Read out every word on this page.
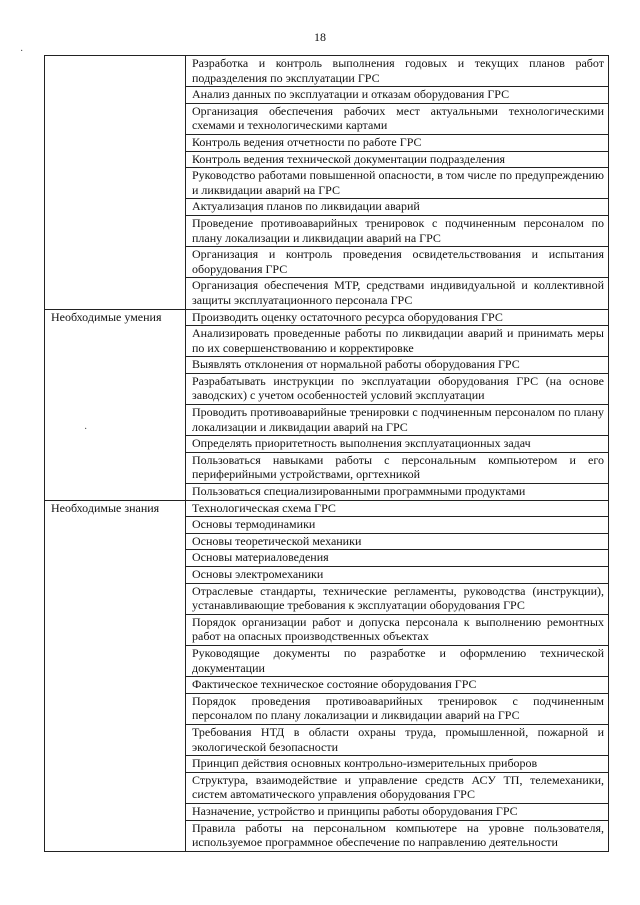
18
·
·
	Разработка и контроль выполнения годовых и текущих планов работ подразделения по эксплуатации ГРС
	Анализ данных по эксплуатации и отказам оборудования ГРС
	Организация обеспечения рабочих мест актуальными технологическими схемами и технологическими картами
	Контроль ведения отчетности по работе ГРС
	Контроль ведения технической документации подразделения
	Руководство работами повышенной опасности, в том числе по предупреждению и ликвидации аварий на ГРС
	Актуализация планов по ликвидации аварий
	Проведение противоаварийных тренировок с подчиненным персоналом по плану локализации и ликвидации аварий на ГРС
	Организация и контроль проведения освидетельствования и испытания оборудования ГРС
	Организация обеспечения МТР, средствами индивидуальной и коллективной защиты эксплуатационного персонала ГРС
Необходимые умения	Производить оценку остаточного ресурса оборудования ГРС
	Анализировать проведенные работы по ликвидации аварий и принимать меры по их совершенствованию и корректировке
	Выявлять отклонения от нормальной работы оборудования ГРС
	Разрабатывать инструкции по эксплуатации оборудования ГРС (на основе заводских) с учетом особенностей условий эксплуатации
	Проводить противоаварийные тренировки с подчиненным персоналом по плану локализации и ликвидации аварий на ГРС
	Определять приоритетность выполнения эксплуатационных задач
	Пользоваться навыками работы с персональным компьютером и его периферийными устройствами, оргтехникой
	Пользоваться специализированными программными продуктами
Необходимые знания	Технологическая схема ГРС
	Основы термодинамики
	Основы теоретической механики
	Основы материаловедения
	Основы электромеханики
	Отраслевые стандарты, технические регламенты, руководства (инструкции), устанавливающие требования к эксплуатации оборудования ГРС
	Порядок организации работ и допуска персонала к выполнению ремонтных работ на опасных производственных объектах
	Руководящие документы по разработке и оформлению технической документации
	Фактическое техническое состояние оборудования ГРС
	Порядок проведения противоаварийных тренировок с подчиненным персоналом по плану локализации и ликвидации аварий на ГРС
	Требования НТД в области охраны труда, промышленной, пожарной и экологической безопасности
	Принцип действия основных контрольно-измерительных приборов
	Структура, взаимодействие и управление средств АСУ ТП, телемеханики, систем автоматического управления оборудования ГРС
	Назначение, устройство и принципы работы оборудования ГРС
	Правила работы на персональном компьютере на уровне пользователя, используемое программное обеспечение по направлению деятельности
